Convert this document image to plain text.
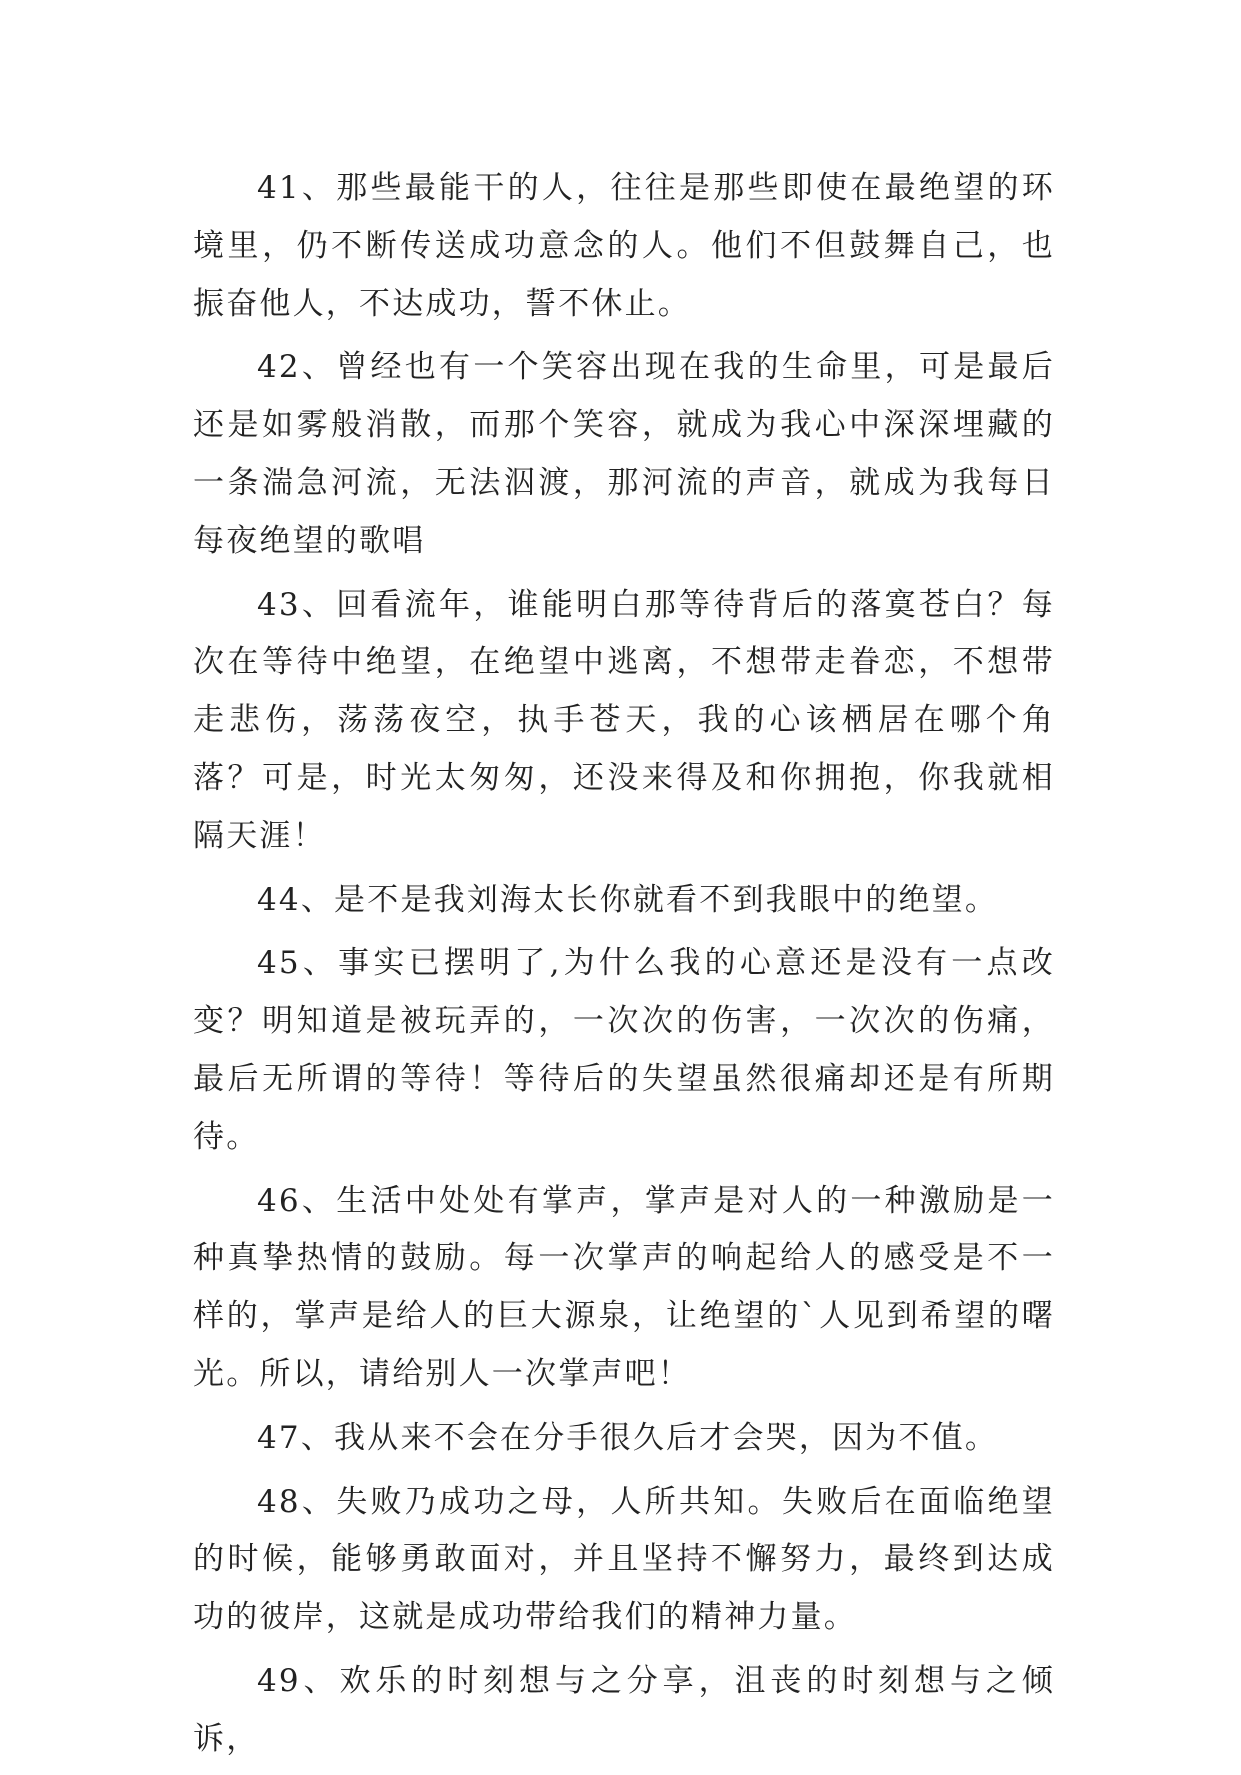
41、那些最能干的人，往往是那些即使在最绝望的环境里，仍不断传送成功意念的人。他们不但鼓舞自己，也振奋他人，不达成功，誓不休止。

42、曾经也有一个笑容出现在我的生命里，可是最后还是如雾般消散，而那个笑容，就成为我心中深深埋藏的一条湍急河流，无法泅渡，那河流的声音，就成为我每日每夜绝望的歌唱

43、回看流年，谁能明白那等待背后的落寞苍白？每次在等待中绝望，在绝望中逃离，不想带走眷恋，不想带走悲伤，荡荡夜空，执手苍天，我的心该栖居在哪个角落？可是，时光太匆匆，还没来得及和你拥抱，你我就相隔天涯！

44、是不是我刘海太长你就看不到我眼中的绝望。

45、事实已摆明了,为什么我的心意还是没有一点改变？明知道是被玩弄的，一次次的伤害，一次次的伤痛，最后无所谓的等待！等待后的失望虽然很痛却还是有所期待。

46、生活中处处有掌声，掌声是对人的一种激励是一种真挚热情的鼓励。每一次掌声的响起给人的感受是不一样的，掌声是给人的巨大源泉，让绝望的`人见到希望的曙光。所以，请给别人一次掌声吧！

47、我从来不会在分手很久后才会哭，因为不值。

48、失败乃成功之母，人所共知。失败后在面临绝望的时候，能够勇敢面对，并且坚持不懈努力，最终到达成功的彼岸，这就是成功带给我们的精神力量。

49、欢乐的时刻想与之分享，沮丧的时刻想与之倾诉，
